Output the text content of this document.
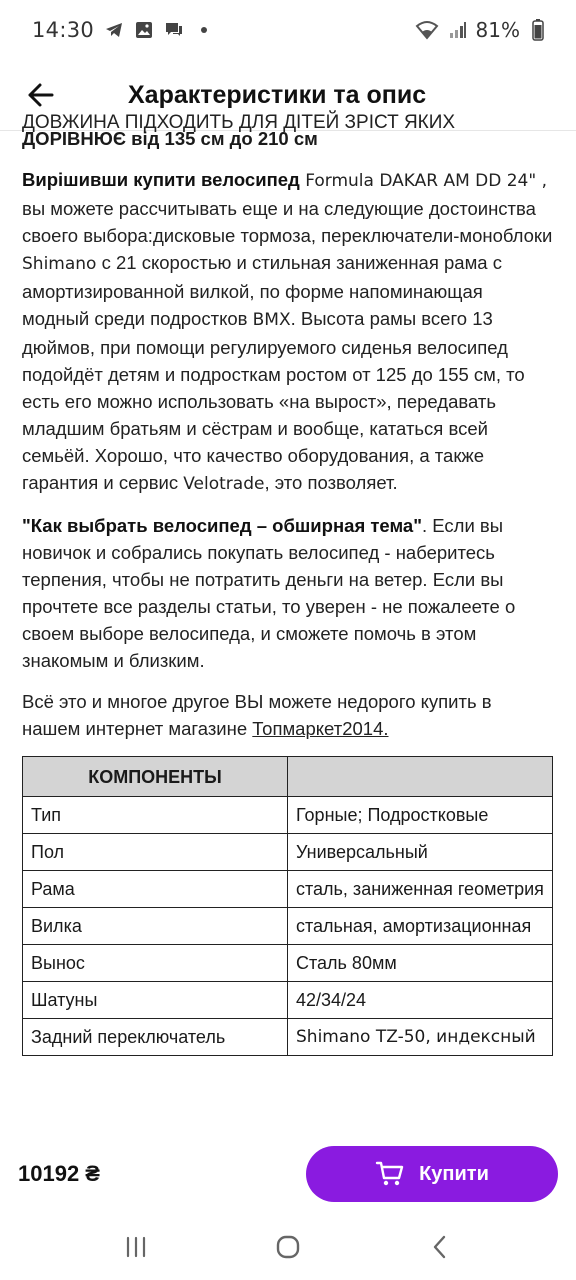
14:30	81%
Характеристики та опис
ДОВЖИНА ПІДХОДИТЬ ДЛЯ ДІТЕЙ ЗРІСТ ЯКИХ
ДОРІВНЮЄ від 135 см до 210 см

Вирішивши купити велосипед Formula DAKAR AM DD 24" , вы можете рассчитывать еще и на следующие достоинства своего выбора:дисковые тормоза, переключатели-моноблоки Shimano с 21 скоростью и стильная заниженная рама с амортизированной вилкой, по форме напоминающая модный среди подростков BMX. Высота рамы всего 13 дюймов, при помощи регулируемого сиденья велосипед подойдёт детям и подросткам ростом от 125 до 155 см, то есть его можно использовать «на вырост», передавать младшим братьям и сёстрам и вообще, кататься всей семьёй. Хорошо, что качество оборудования, а также гарантия и сервис Velotrade, это позволяет.

"Как выбрать велосипед – обширная тема". Если вы новичок и собрались покупать велосипед - наберитесь терпения, чтобы не потратить деньги на ветер. Если вы прочтете все разделы статьи, то уверен - не пожалеете о своем выборе велосипеда, и сможете помочь в этом знакомым и близким.

Всё это и многое другое ВЫ можете недорого купить в нашем интернет магазине Топмаркет2014.

КОМПОНЕНТЫ	
Тип	Горные; Подростковые
Пол	Универсальный
Рама	сталь, заниженная геометрия
Вилка	стальная, амортизационная
Вынос	Сталь 80мм
Шатуны	42/34/24
Задний переключатель	Shimano TZ-50, индексный
10192 ₴	Купити
